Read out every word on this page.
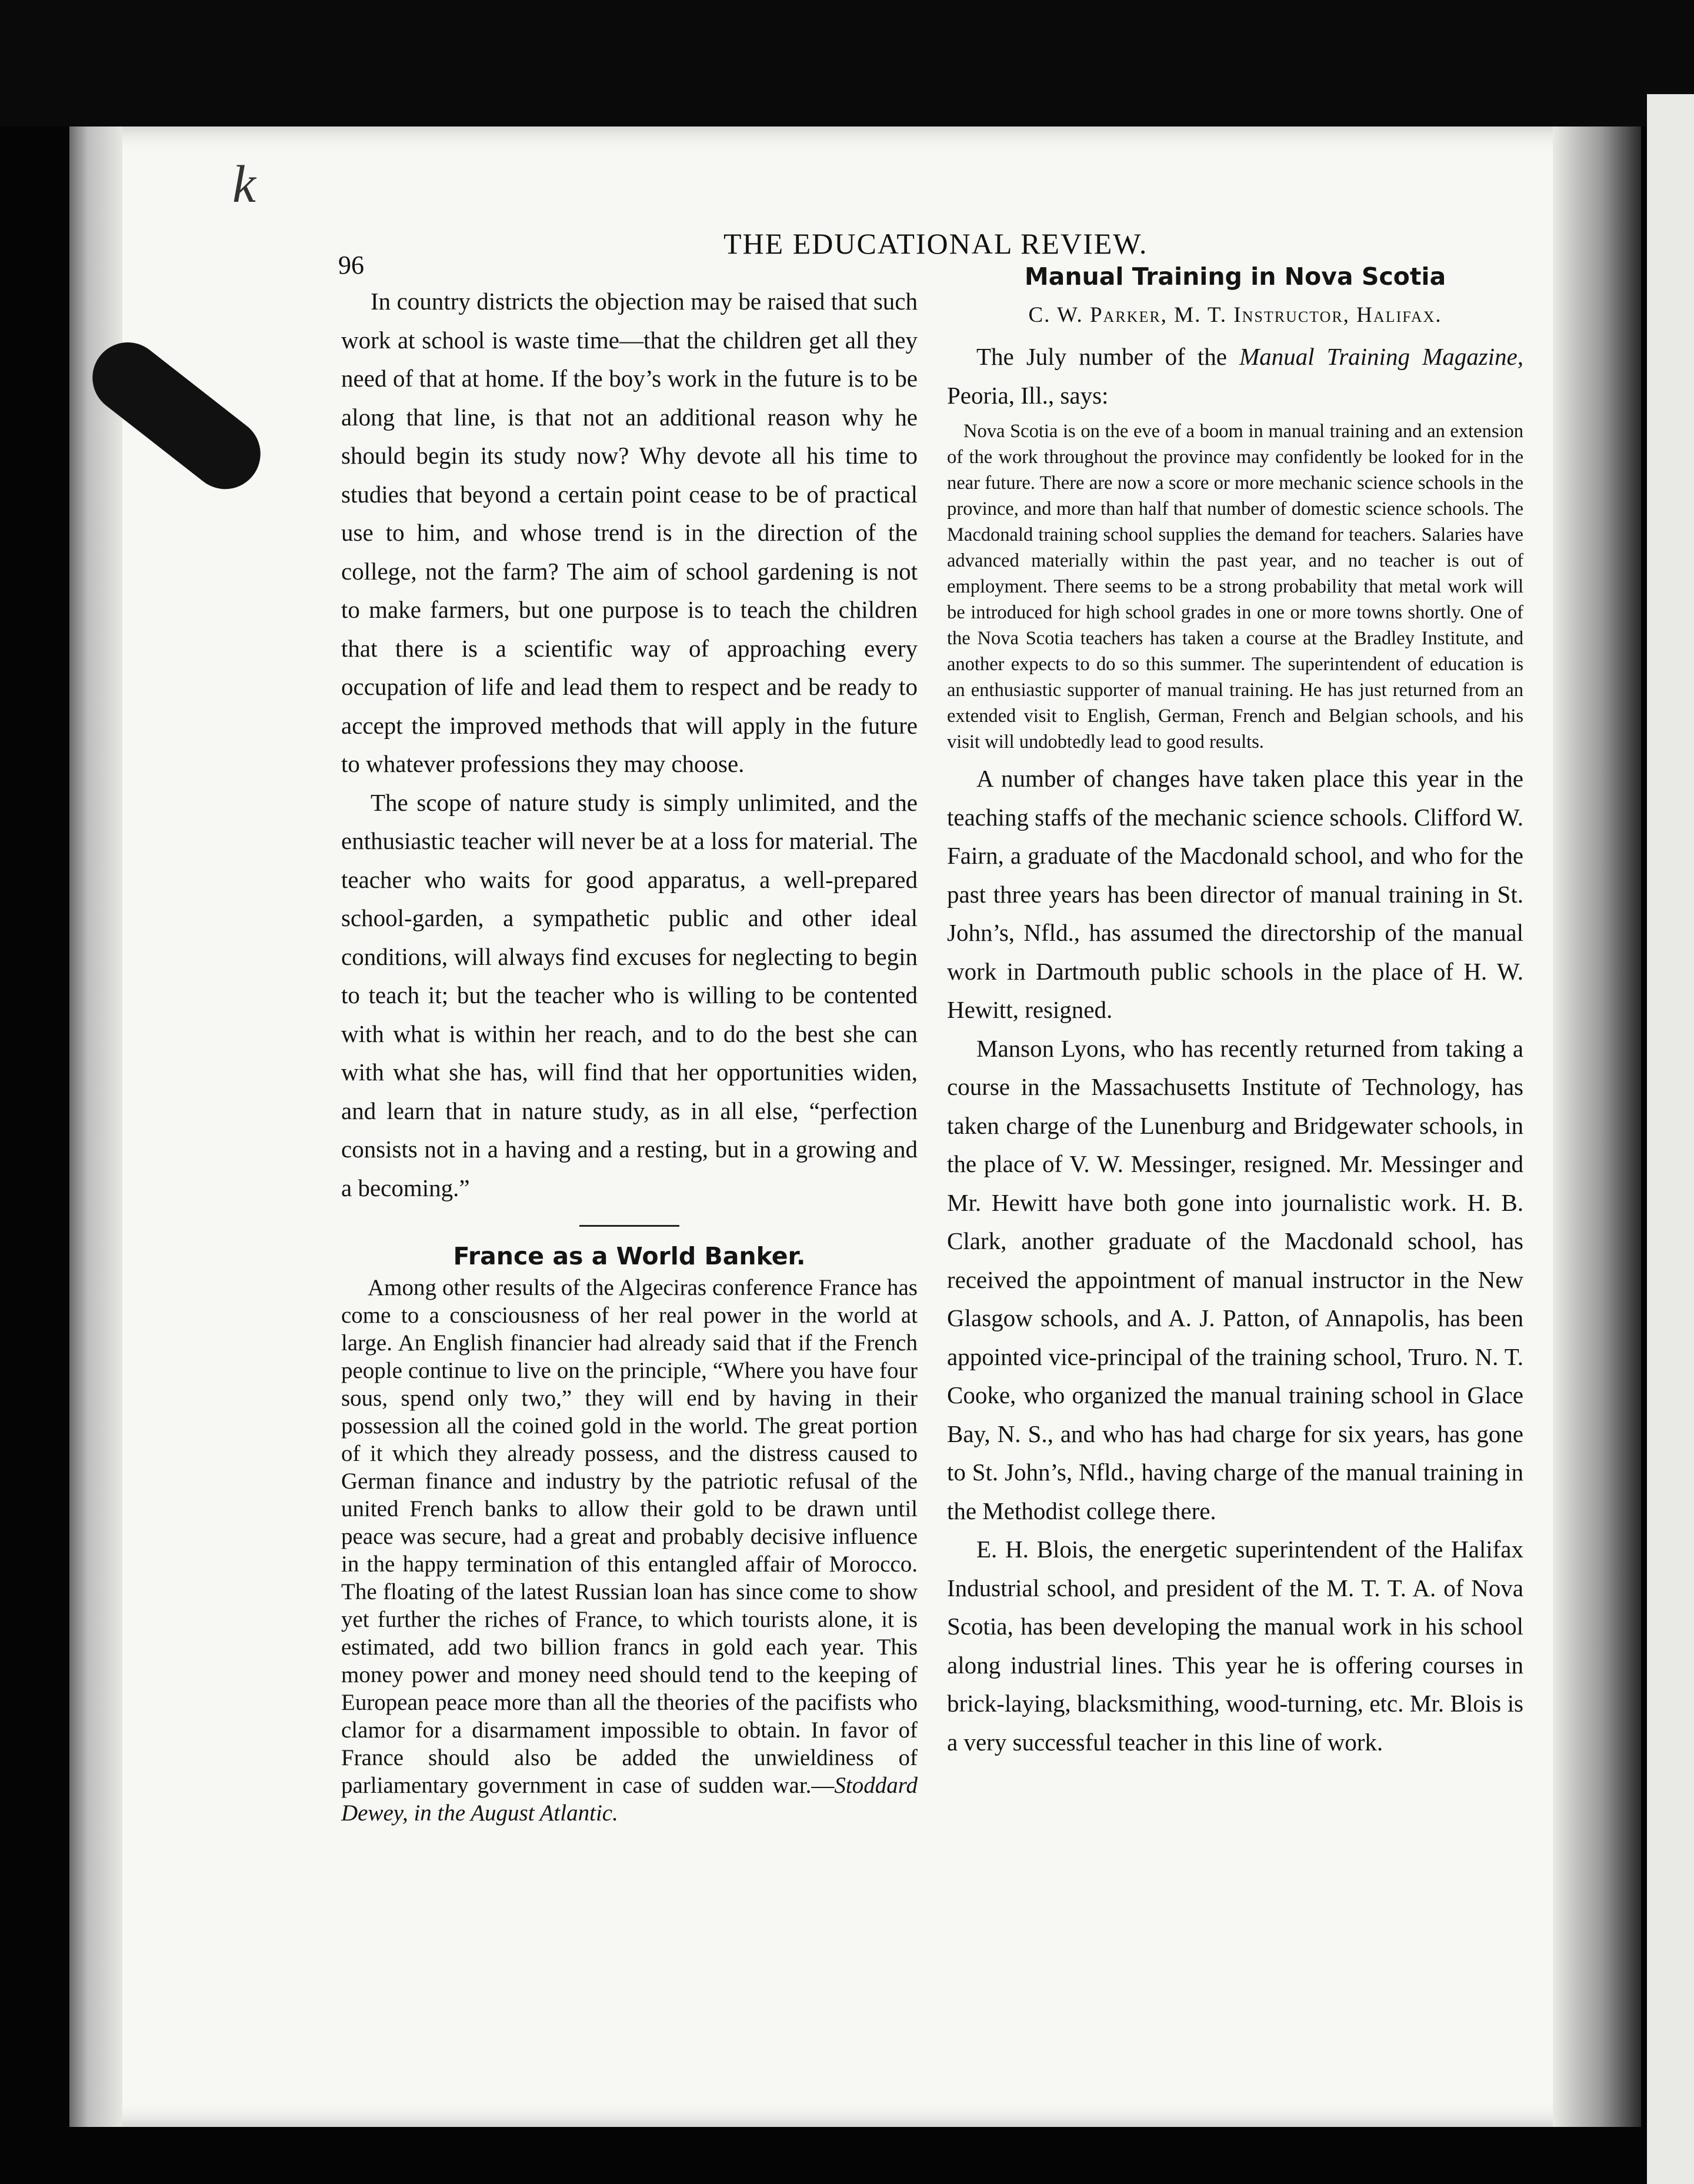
k
96
THE EDUCATIONAL REVIEW.

In country districts the objection may be raised that such work at school is waste time—that the children get all they need of that at home. If the boy’s work in the future is to be along that line, is that not an additional reason why he should begin its study now? Why devote all his time to studies that beyond a certain point cease to be of practical use to him, and whose trend is in the direction of the college, not the farm? The aim of school gardening is not to make farmers, but one purpose is to teach the children that there is a scientific way of approaching every occupation of life and lead them to respect and be ready to accept the improved methods that will apply in the future to whatever professions they may choose.

The scope of nature study is simply unlimited, and the enthusiastic teacher will never be at a loss for material. The teacher who waits for good apparatus, a well-prepared school-garden, a sympathetic public and other ideal conditions, will always find excuses for neglecting to begin to teach it; but the teacher who is willing to be contented with what is within her reach, and to do the best she can with what she has, will find that her opportunities widen, and learn that in nature study, as in all else, “perfection consists not in a having and a resting, but in a growing and a becoming.”

France as a World Banker.

Among other results of the Algeciras conference France has come to a consciousness of her real power in the world at large. An English financier had already said that if the French people continue to live on the principle, “Where you have four sous, spend only two,” they will end by having in their possession all the coined gold in the world. The great portion of it which they already possess, and the distress caused to German finance and industry by the patriotic refusal of the united French banks to allow their gold to be drawn until peace was secure, had a great and probably decisive influence in the happy termination of this entangled affair of Morocco. The floating of the latest Russian loan has since come to show yet further the riches of France, to which tourists alone, it is estimated, add two billion francs in gold each year. This money power and money need should tend to the keeping of European peace more than all the theories of the pacifists who clamor for a disarmament impossible to obtain. In favor of France should also be added the unwieldiness of parliamentary government in case of sudden war.—Stoddard Dewey, in the August Atlantic.

Manual Training in Nova Scotia
C. W. Parker, M. T. Instructor, Halifax.

The July number of the Manual Training Magazine, Peoria, Ill., says:

Nova Scotia is on the eve of a boom in manual training and an extension of the work throughout the province may confidently be looked for in the near future. There are now a score or more mechanic science schools in the province, and more than half that number of domestic science schools. The Macdonald training school supplies the demand for teachers. Salaries have advanced materially within the past year, and no teacher is out of employment. There seems to be a strong probability that metal work will be introduced for high school grades in one or more towns shortly. One of the Nova Scotia teachers has taken a course at the Bradley Institute, and another expects to do so this summer. The superintendent of education is an enthusiastic supporter of manual training. He has just returned from an extended visit to English, German, French and Belgian schools, and his visit will undobtedly lead to good results.

A number of changes have taken place this year in the teaching staffs of the mechanic science schools. Clifford W. Fairn, a graduate of the Macdonald school, and who for the past three years has been director of manual training in St. John’s, Nfld., has assumed the directorship of the manual work in Dartmouth public schools in the place of H. W. Hewitt, resigned.

Manson Lyons, who has recently returned from taking a course in the Massachusetts Institute of Technology, has taken charge of the Lunenburg and Bridgewater schools, in the place of V. W. Messinger, resigned. Mr. Messinger and Mr. Hewitt have both gone into journalistic work. H. B. Clark, another graduate of the Macdonald school, has received the appointment of manual instructor in the New Glasgow schools, and A. J. Patton, of Annapolis, has been appointed vice-principal of the training school, Truro. N. T. Cooke, who organized the manual training school in Glace Bay, N. S., and who has had charge for six years, has gone to St. John’s, Nfld., having charge of the manual training in the Methodist college there.

E. H. Blois, the energetic superintendent of the Halifax Industrial school, and president of the M. T. T. A. of Nova Scotia, has been developing the manual work in his school along industrial lines. This year he is offering courses in brick-laying, blacksmithing, wood-turning, etc. Mr. Blois is a very successful teacher in this line of work.
